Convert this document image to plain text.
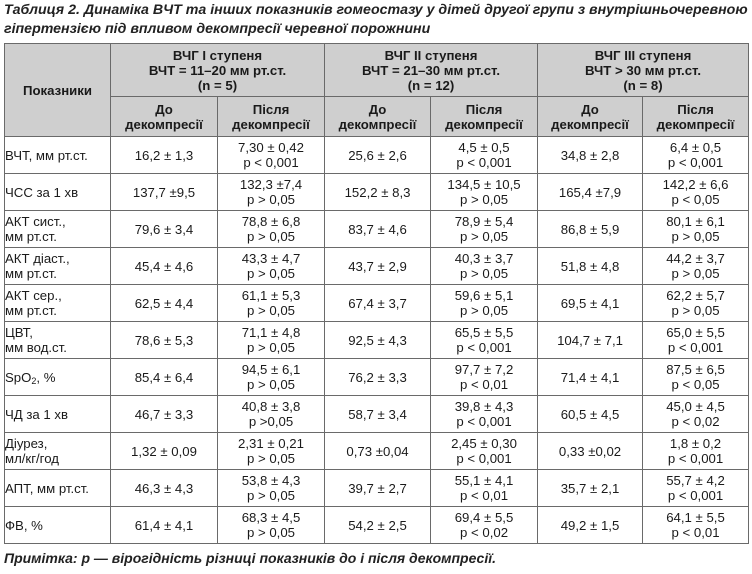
Таблиця 2. Динаміка ВЧТ та інших показників гомеостазу у дітей другої групи з внутрішньочеревною
гіпертензією під впливом декомпресії черевної порожнини
Показники	ВЧГ I ступеня
ВЧТ = 11–20 мм рт.ст.
(n = 5)		ВЧГ II ступеня
ВЧТ = 21–30 мм рт.ст.
(n = 12)		ВЧГ III ступеня
ВЧТ > 30 мм рт.ст.
(n = 8)	

	До
декомпресії	Після
декомпресії	До
декомпресії	Після
декомпресії	До
декомпресії	Після
декомпресії

ВЧТ, мм рт.ст.	16,2 ± 1,3	7,30 ± 0,42
p < 0,001	25,6 ± 2,6	4,5 ± 0,5
p < 0,001	34,8 ± 2,8	6,4 ± 0,5
p < 0,001

ЧСС за 1 хв	137,7 ±9,5	132,3 ±7,4
p > 0,05	152,2 ± 8,3	134,5 ± 10,5
p > 0,05	165,4 ±7,9	142,2 ± 6,6
p < 0,05

АКТ сист.,
мм рт.ст.	79,6 ± 3,4	78,8 ± 6,8
p > 0,05	83,7 ± 4,6	78,9 ± 5,4
p > 0,05	86,8 ± 5,9	80,1 ± 6,1
p > 0,05

АКТ діаст.,
мм рт.ст.	45,4 ± 4,6	43,3 ± 4,7
p > 0,05	43,7 ± 2,9	40,3 ± 3,7
p > 0,05	51,8 ± 4,8	44,2 ± 3,7
p > 0,05

АКТ сер.,
мм рт.ст.	62,5 ± 4,4	61,1 ± 5,3
p > 0,05	67,4 ± 3,7	59,6 ± 5,1
p > 0,05	69,5 ± 4,1	62,2 ± 5,7
p > 0,05

ЦВТ,
мм вод.ст.	78,6 ± 5,3	71,1 ± 4,8
p > 0,05	92,5 ± 4,3	65,5 ± 5,5
p < 0,001	104,7 ± 7,1	65,0 ± 5,5
p < 0,001

SpO$_2$, %	85,4 ± 6,4	94,5 ± 6,1
p > 0,05	76,2 ± 3,3	97,7 ± 7,2
p < 0,01	71,4 ± 4,1	87,5 ± 6,5
p < 0,05

ЧД за 1 хв	46,7 ± 3,3	40,8 ± 3,8
p >0,05	58,7 ± 3,4	39,8 ± 4,3
p < 0,001	60,5 ± 4,5	45,0 ± 4,5
p < 0,02

Діурез,
мл/кг/год	1,32 ± 0,09	2,31 ± 0,21
p > 0,05	0,73 ±0,04	2,45 ± 0,30
p < 0,001	0,33 ±0,02	1,8 ± 0,2
p < 0,001

АПТ, мм рт.ст.	46,3 ± 4,3	53,8 ± 4,3
p > 0,05	39,7 ± 2,7	55,1 ± 4,1
p < 0,01	35,7 ± 2,1	55,7 ± 4,2
p < 0,001

ФВ, %	61,4 ± 4,1	68,3 ± 4,5
p > 0,05	54,2 ± 2,5	69,4 ± 5,5
p < 0,02	49,2 ± 1,5	64,1 ± 5,5
p < 0,01
Примітка: p — вірогідність різниці показників до і після декомпресії.
